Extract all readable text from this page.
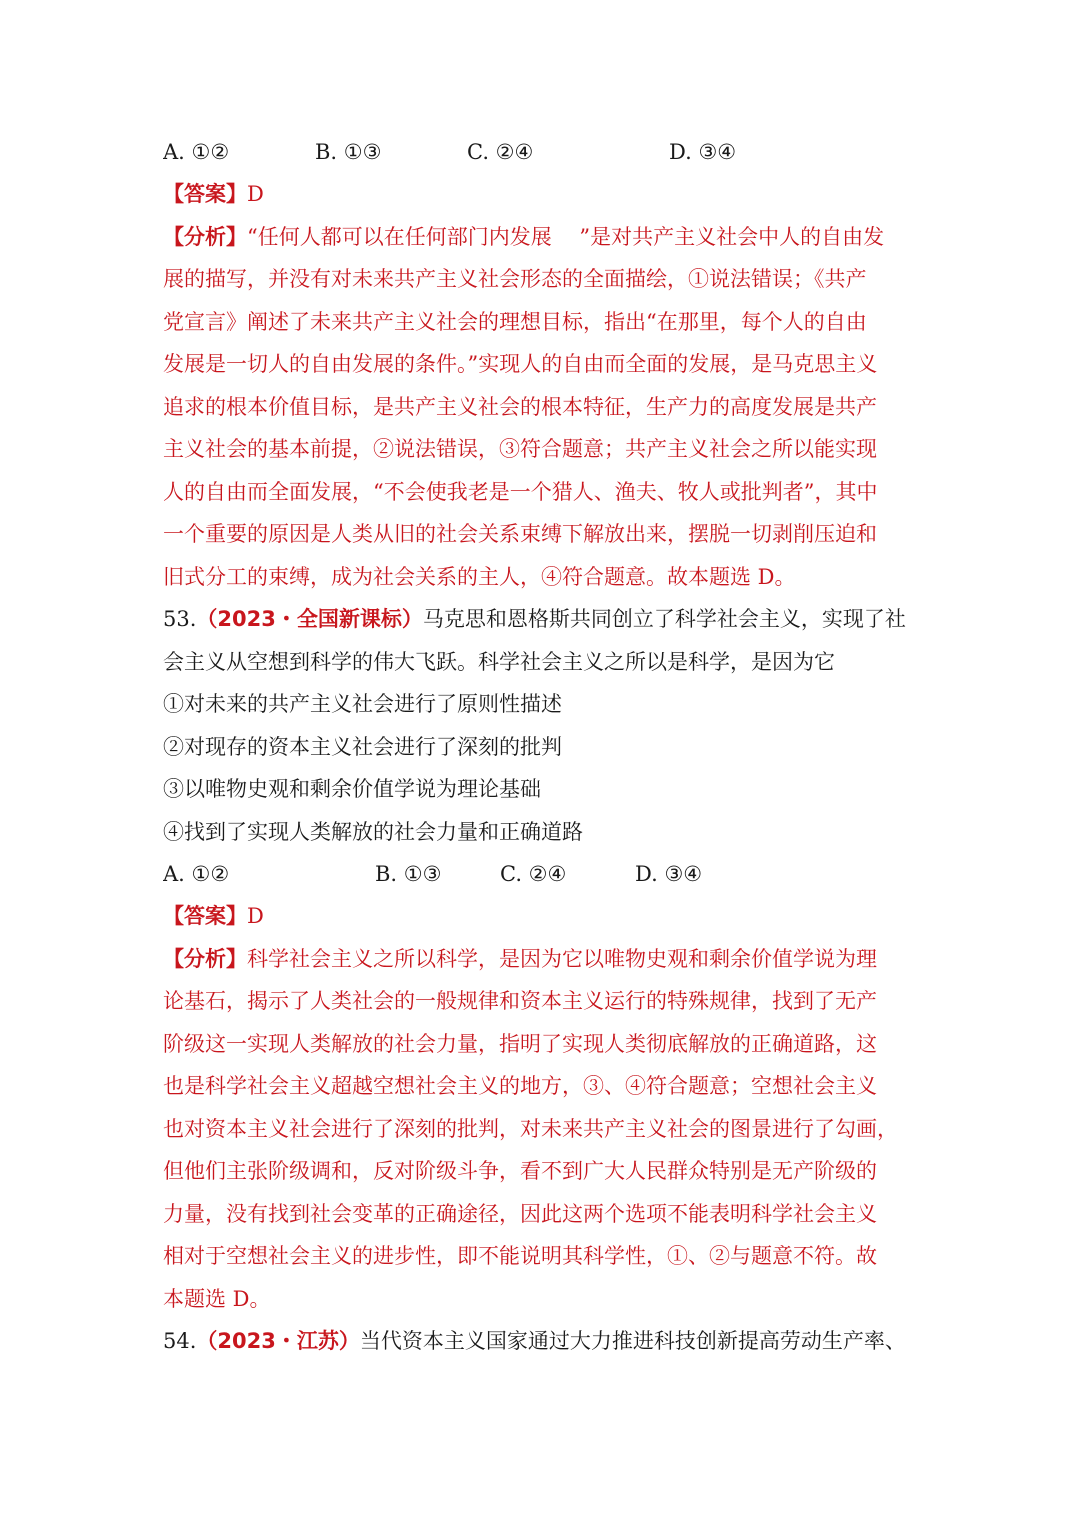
A. ①②	B. ①③	C. ②④	D. ③④
【答案】D
【分析】“任何人都可以在任何部门内发展　 ”是对共产主义社会中人的自由发
展的描写，并没有对未来共产主义社会形态的全面描绘，①说法错误；《共产
党宣言》阐述了未来共产主义社会的理想目标，指出“在那里，每个人的自由
发展是一切人的自由发展的条件。”实现人的自由而全面的发展，是马克思主义
追求的根本价值目标，是共产主义社会的根本特征，生产力的高度发展是共产
主义社会的基本前提，②说法错误，③符合题意；共产主义社会之所以能实现
人的自由而全面发展，“不会使我老是一个猎人、渔夫、牧人或批判者”，其中
一个重要的原因是人类从旧的社会关系束缚下解放出来，摆脱一切剥削压迫和
旧式分工的束缚，成为社会关系的主人，④符合题意。故本题选 D。
53.（2023・全国新课标）马克思和恩格斯共同创立了科学社会主义，实现了社
会主义从空想到科学的伟大飞跃。科学社会主义之所以是科学，是因为它
①对未来的共产主义社会进行了原则性描述
②对现存的资本主义社会进行了深刻的批判
③以唯物史观和剩余价值学说为理论基础
④找到了实现人类解放的社会力量和正确道路
A. ①②	B. ①③	C. ②④	D. ③④
【答案】D
【分析】科学社会主义之所以科学，是因为它以唯物史观和剩余价值学说为理
论基石，揭示了人类社会的一般规律和资本主义运行的特殊规律，找到了无产
阶级这一实现人类解放的社会力量，指明了实现人类彻底解放的正确道路，这
也是科学社会主义超越空想社会主义的地方，③、④符合题意；空想社会主义
也对资本主义社会进行了深刻的批判，对未来共产主义社会的图景进行了勾画，
但他们主张阶级调和，反对阶级斗争，看不到广大人民群众特别是无产阶级的
力量，没有找到社会变革的正确途径，因此这两个选项不能表明科学社会主义
相对于空想社会主义的进步性，即不能说明其科学性，①、②与题意不符。故
本题选 D。
54.（2023・江苏）当代资本主义国家通过大力推进科技创新提高劳动生产率、
